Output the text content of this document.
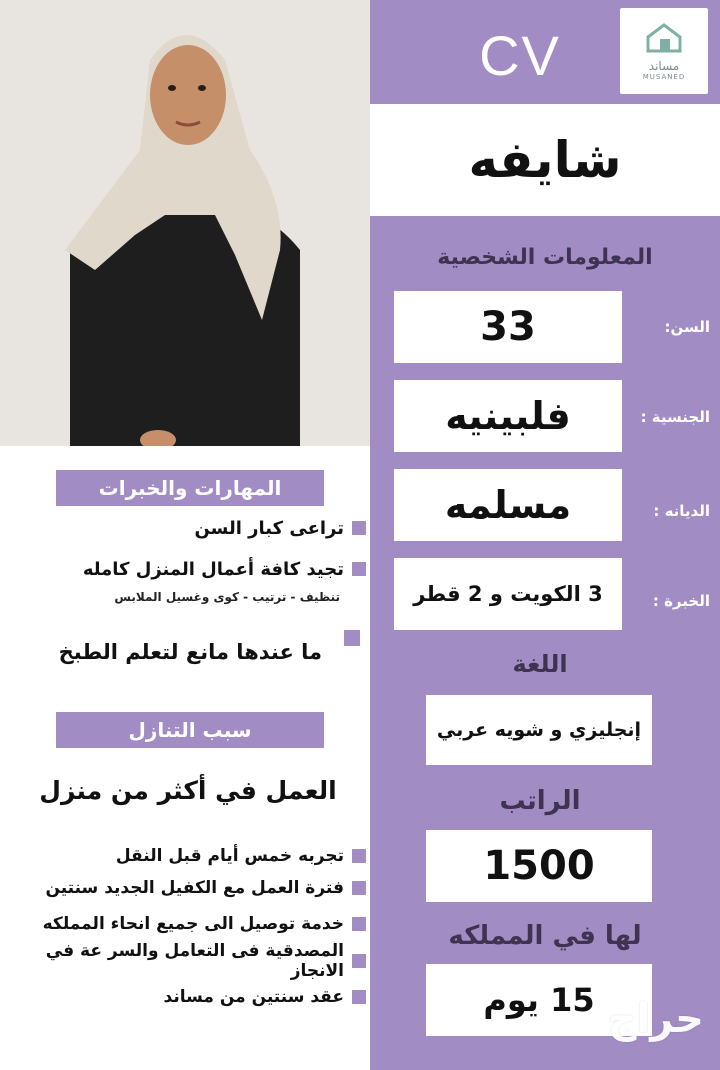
CV	مساند
MUSANED
شايفه
المعلومات الشخصية
33	السن:
فلبينيه	الجنسية :
مسلمه	الديانه :
3 الكويت و 2 قطر	الخبرة :
اللغة
إنجليزي و شويه عربي
الراتب
1500
لها في المملكه
15 يوم حراج
المهارات والخبرات
تراعى كبار السن
تجيد كافة أعمال المنزل كامله
تنظيف - ترتيب - كوى وغسيل الملابس
ما عندها مانع لتعلم الطبخ
سبب التنازل
العمل في أكثر من منزل
تجربه خمس أيام قبل النقل
فترة العمل مع الكفيل الجديد سنتين
خدمة توصيل الى جميع انحاء المملكه
المصدقية فى التعامل والسر عة في الانجاز
عقد سنتين من مساند
